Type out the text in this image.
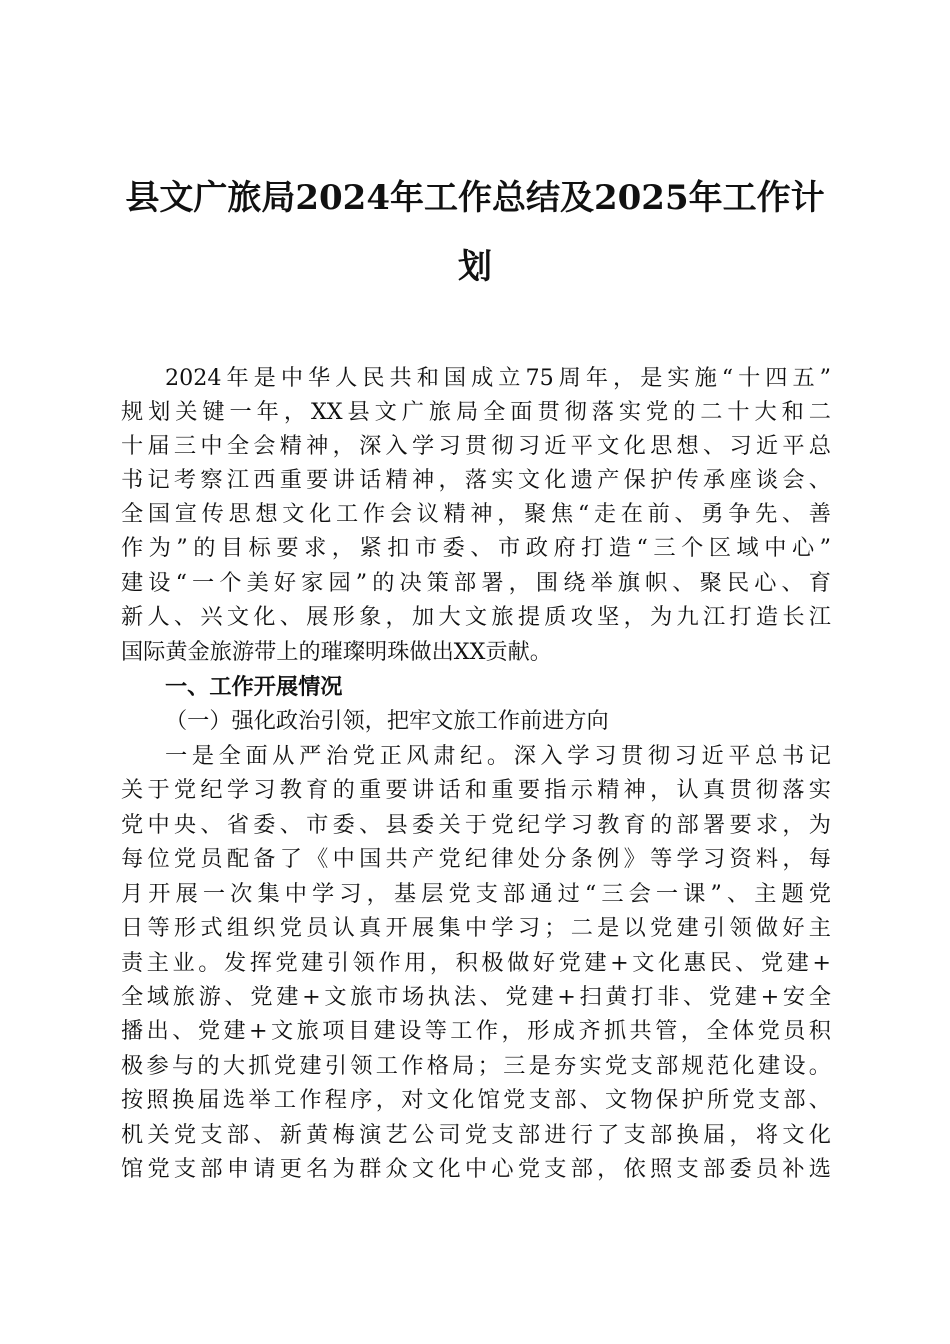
县文广旅局2024年工作总结及2025年工作计
划
2024年是中华人民共和国成立75周年，是实施“十四五”
规划关键一年，XX县文广旅局全面贯彻落实党的二十大和二
十届三中全会精神，深入学习贯彻习近平文化思想、习近平总
书记考察江西重要讲话精神，落实文化遗产保护传承座谈会、
全国宣传思想文化工作会议精神，聚焦“走在前、勇争先、善
作为”的目标要求，紧扣市委、市政府打造“三个区域中心”
建设“一个美好家园”的决策部署，围绕举旗帜、聚民心、育
新人、兴文化、展形象，加大文旅提质攻坚，为九江打造长江
国际黄金旅游带上的璀璨明珠做出XX贡献。
一、工作开展情况
（一）强化政治引领，把牢文旅工作前进方向
一是全面从严治党正风肃纪。深入学习贯彻习近平总书记
关于党纪学习教育的重要讲话和重要指示精神，认真贯彻落实
党中央、省委、市委、县委关于党纪学习教育的部署要求，为
每位党员配备了《中国共产党纪律处分条例》等学习资料，每
月开展一次集中学习，基层党支部通过“三会一课”、主题党
日等形式组织党员认真开展集中学习；二是以党建引领做好主
责主业。发挥党建引领作用，积极做好党建+文化惠民、党建+
全域旅游、党建+文旅市场执法、党建+扫黄打非、党建+安全
播出、党建+文旅项目建设等工作，形成齐抓共管，全体党员积
极参与的大抓党建引领工作格局；三是夯实党支部规范化建设。
按照换届选举工作程序，对文化馆党支部、文物保护所党支部、
机关党支部、新黄梅演艺公司党支部进行了支部换届，将文化
馆党支部申请更名为群众文化中心党支部，依照支部委员补选
